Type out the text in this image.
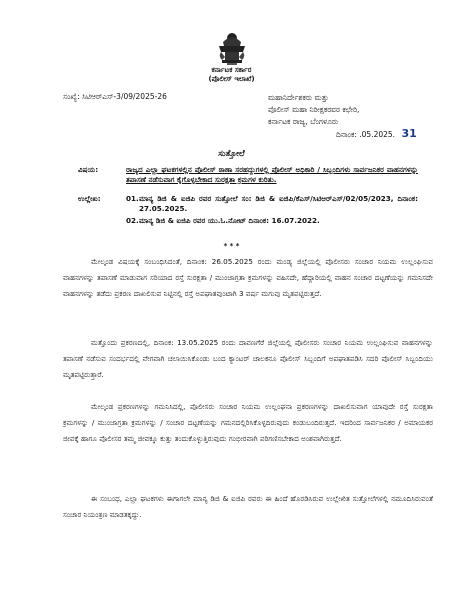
ಕರ್ನಾಟಕ ಸರ್ಕಾರ
(ಪೊಲೀಸ್ ಇಲಾಖೆ)
ಸಂಖ್ಯೆ: ಸಿಟಿಆರ್‌ಎಸ್-3/09/2025-26	ಮಹಾನಿರ್ದೇಶಕರು ಮತ್ತು
ಪೊಲೀಸ್ ಮಹಾ ನಿರೀಕ್ಷಕರವರ ಕಛೇರಿ,
ಕರ್ನಾಟಕ ರಾಜ್ಯ, ಬೆಂಗಳೂರು
ದಿನಾಂಕ: .05.2025. 31
ಸುತ್ತೋಲೆ
ವಿಷಯ:	ರಾಜ್ಯದ ಎಲ್ಲಾ ಘಟಕಗಳಲ್ಲಿನ ಪೊಲೀಸ್ ಠಾಣಾ ಸರಹದ್ದುಗಳಲ್ಲಿ ಪೊಲೀಸ್ ಅಧಿಕಾರಿ / ಸಿಬ್ಬಂದಿಗಳು ಸಾರ್ವಜನಿಕರ ವಾಹನಗಳನ್ನು ತಪಾಸಣೆ ನಡೆಸುವಾಗ ಕೈಗೊಳ್ಳಬೇಕಾದ ಸುರಕ್ಷತಾ ಕ್ರಮಗಳ ಕುರಿತು.
ಉಲ್ಲೇಖ:	01. ಮಾನ್ಯ ಡಿಜಿ & ಐಜಿಪಿ ರವರ ಸುತ್ತೋಲೆ ಸಂ: ಡಿಜಿ & ಐಜಿಪಿ/ಕೆಎಸ್/ಸಿಟಿಆರ್‌ಎಸ್/02/05/2023, ದಿನಾಂಕ: 27.05.2025.
02. ಮಾನ್ಯ ಡಿಜಿ & ಐಜಿಪಿ ರವರ ಯು.ಓ.ನೋಟ್ ದಿನಾಂಕ: 16.07.2022.
* * *
ಮೇಲ್ಕಂಡ ವಿಷಯಕ್ಕೆ ಸಂಬಂಧಿಸಿದಂತೆ, ದಿನಾಂಕ: 26.05.2025 ರಂದು ಮಂಡ್ಯ ಜಿಲ್ಲೆಯಲ್ಲಿ ಪೊಲೀಸರು ಸಂಚಾರ ನಿಯಮ ಉಲ್ಲಂಘಿಸುವ ವಾಹನಗಳನ್ನು ತಪಾಸಣೆ ಮಾಡುವಾಗ ಸರಿಯಾದ ರಸ್ತೆ ಸುರಕ್ಷತಾ / ಮುಂಜಾಗ್ರತಾ ಕ್ರಮಗಳನ್ನು ವಹಿಸದೇ, ಹೆದ್ದಾರಿಯಲ್ಲಿ ವಾಹನ ಸಂಚಾರ ದಟ್ಟಣೆಯನ್ನು ಗಮನಿಸದೇ ವಾಹನಗಳನ್ನು ತಡೆದು ಪ್ರಕರಣ ದಾಖಲಿಸುವ ನಿಟ್ಟಿನಲ್ಲಿ ರಸ್ತೆ ಅಪಘಾತವುಂಟಾಗಿ 3 ವರ್ಷ ಮಗುವು ಮೃತಪಟ್ಟಿರುತ್ತದೆ.
ಮತ್ತೊಂದು ಪ್ರಕರಣದಲ್ಲಿ, ದಿನಾಂಕ: 13.05.2025 ರಂದು ದಾವಣಗೆರೆ ಜಿಲ್ಲೆಯಲ್ಲಿ ಪೊಲೀಸರು ಸಂಚಾರ ನಿಯಮ ಉಲ್ಲಂಘಿಸುವ ವಾಹನಗಳನ್ನು ತಪಾಸಣೆ ನಡೆಸುವ ಸಂದರ್ಭದಲ್ಲಿ ವೇಗವಾಗಿ ಚಲಾಯಿಸಿಕೊಂಡು ಬಂದ ಕ್ಯಾಂಟರ್ ಚಾಲಕನೂ ಪೊಲೀಸ್ ಸಿಬ್ಬಂದಿಗೆ ಅಪಘಾತಪಡಿಸಿ ಸದರಿ ಪೊಲೀಸ್ ಸಿಬ್ಬಂದಿಯು ಮೃತಪಟ್ಟಿರುತ್ತಾರೆ.
ಮೇಲ್ಕಂಡ ಪ್ರಕರಣಗಳನ್ನು ಗಮನಿಸಿದಲ್ಲಿ, ಪೊಲೀಸರು ಸಂಚಾರ ನಿಯಮ ಉಲ್ಲಂಘನಾ ಪ್ರಕರಣಗಳನ್ನು ದಾಖಲಿಸುವಾಗ ಯಾವುದೇ ರಸ್ತೆ ಸುರಕ್ಷತಾ ಕ್ರಮಗಳನ್ನು / ಮುಂಜಾಗ್ರತಾ ಕ್ರಮಗಳನ್ನು / ಸಂಚಾರ ದಟ್ಟಣೆಯನ್ನು ಗಮನದಲ್ಲಿರಿಸಿಕೊಳ್ಳದಿರುವುದು ಕಂಡುಬಂದಿರುತ್ತದೆ. ಇದರಿಂದ ಸಾರ್ವಜನಿಕರ / ಅಮಾಯಕರ ಜೀವಕ್ಕೆ ಹಾಗೂ ಪೊಲೀಸರ ತಮ್ಮ ಜೀವಕ್ಕೂ ಕುತ್ತು ತಂದುಕೊಳ್ಳುತ್ತಿರುವುದು ಗಂಭೀರವಾಗಿ ಪರಿಗಣಿಸಬೇಕಾದ ಅಂಶವಾಗಿರುತ್ತದೆ.
ಈ ಸಂಬಂಧ, ಎಲ್ಲಾ ಘಟಕಗಳು ಈಗಾಗಲೇ ಮಾನ್ಯ ಡಿಜಿ & ಐಜಿಪಿ ರವರು ಈ ಹಿಂದೆ ಹೊರಡಿಸಿರುವ ಉಲ್ಲೇಖಿತ ಸುತ್ತೋಲೆಗಳಲ್ಲಿ ನಮೂದಿಸಿರುವಂತೆ ಸಂಚಾರ ನಿಯಂತ್ರಣ ಮಾಡತಕ್ಕದ್ದು.
